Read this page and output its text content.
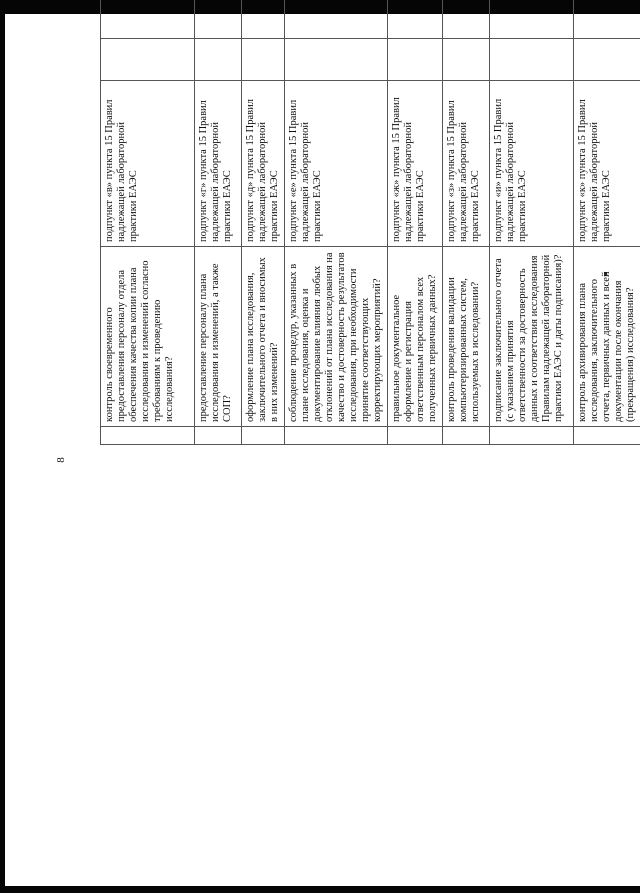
8
	контроль своевременного предоставления персоналу отдела обеспечения качества копии плана исследования и изменений согласно требованиям к проведению исследования?	подпункт «в» пункта 15 Правил надлежащей лабораторной практики ЕАЭС				
	предоставление персоналу плана исследования и изменений, а также СОП?	подпункт «г» пункта 15 Правил надлежащей лабораторной практики ЕАЭС				
	оформление плана исследования, заключительного отчета и вносимых в них изменений?	подпункт «д» пункта 15 Правил надлежащей лабораторной практики ЕАЭС				
	соблюдение процедур, указанных в плане исследования, оценка и документирование влияния любых отклонений от плана исследования на качество и достоверность результатов исследования, при необходимости принятие соответствующих корректирующих мероприятий?	подпункт «е» пункта 15 Правил надлежащей лабораторной практики ЕАЭС				
	правильное документальное оформление и регистрация ответственным персоналом всех полученных первичных данных?	подпункт «ж» пункта 15 Правил надлежащей лабораторной практики ЕАЭС				
	контроль проведения валидации компьютеризированных систем, используемых в исследовании?	подпункт «з» пункта 15 Правил надлежащей лабораторной практики ЕАЭС				
	подписание заключительного отчета (с указанием принятия ответственности за достоверность данных и соответствия исследования Правилам надлежащей лабораторной практики ЕАЭС и даты подписания)?	подпункт «и» пункта 15 Правил надлежащей лабораторной практики ЕАЭС				
	контроль архивирования плана исследования, заключительного отчета, первичных данных и всей документации после окончания (прекращения) исследования?	подпункт «к» пункта 15 Правил надлежащей лабораторной практики ЕАЭС				
